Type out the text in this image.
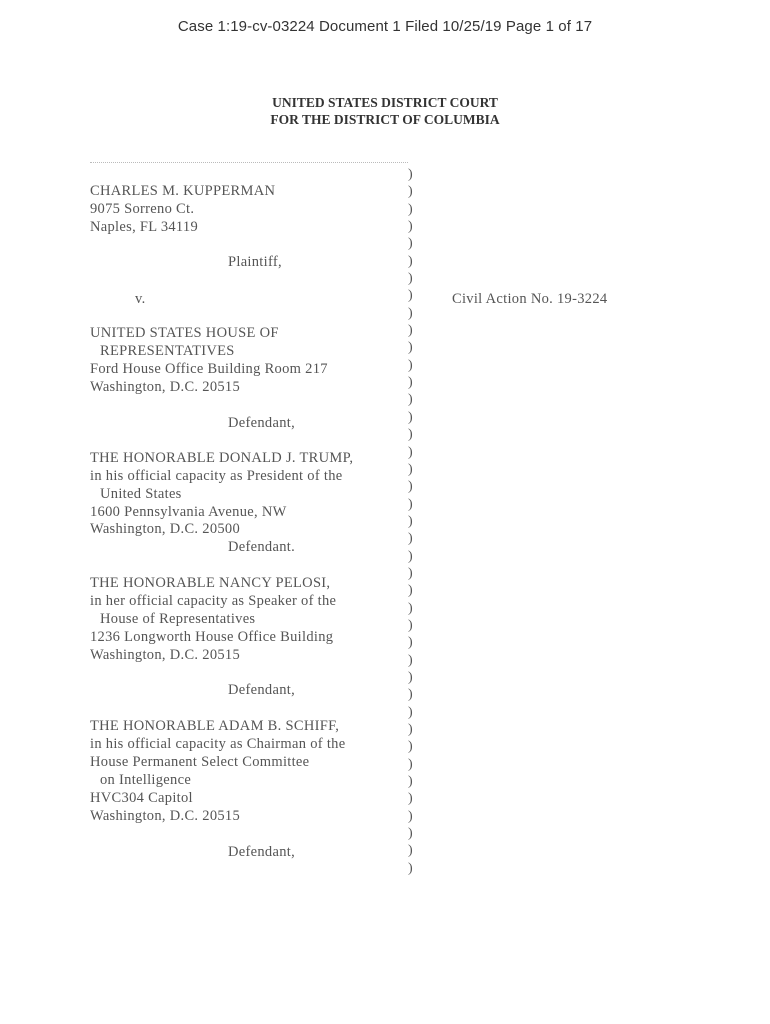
Case 1:19-cv-03224 Document 1 Filed 10/25/19 Page 1 of 17
UNITED STATES DISTRICT COURT
FOR THE DISTRICT OF COLUMBIA
CHARLES M. KUPPERMAN
9075 Sorreno Ct.
Naples, FL 34119
Plaintiff,
v.
UNITED STATES HOUSE OF
REPRESENTATIVES
Ford House Office Building Room 217
Washington, D.C. 20515
Defendant,
THE HONORABLE DONALD J. TRUMP,
in his official capacity as President of the
United States
1600 Pennsylvania Avenue, NW
Washington, D.C. 20500
Defendant.
THE HONORABLE NANCY PELOSI,
in her official capacity as Speaker of the
House of Representatives
1236 Longworth House Office Building
Washington, D.C. 20515
Defendant,
THE HONORABLE ADAM B. SCHIFF,
in his official capacity as Chairman of the
House Permanent Select Committee
on Intelligence
HVC304 Capitol
Washington, D.C. 20515
Defendant,
)
)
)
)
)
)
)
)
)
)
)
)
)
)
)
)
)
)
)
)
)
)
)
)
)
)
)
)
)
)
)
)
)
)
)
)
)
)
)
)
)
Civil Action No. 19-3224
